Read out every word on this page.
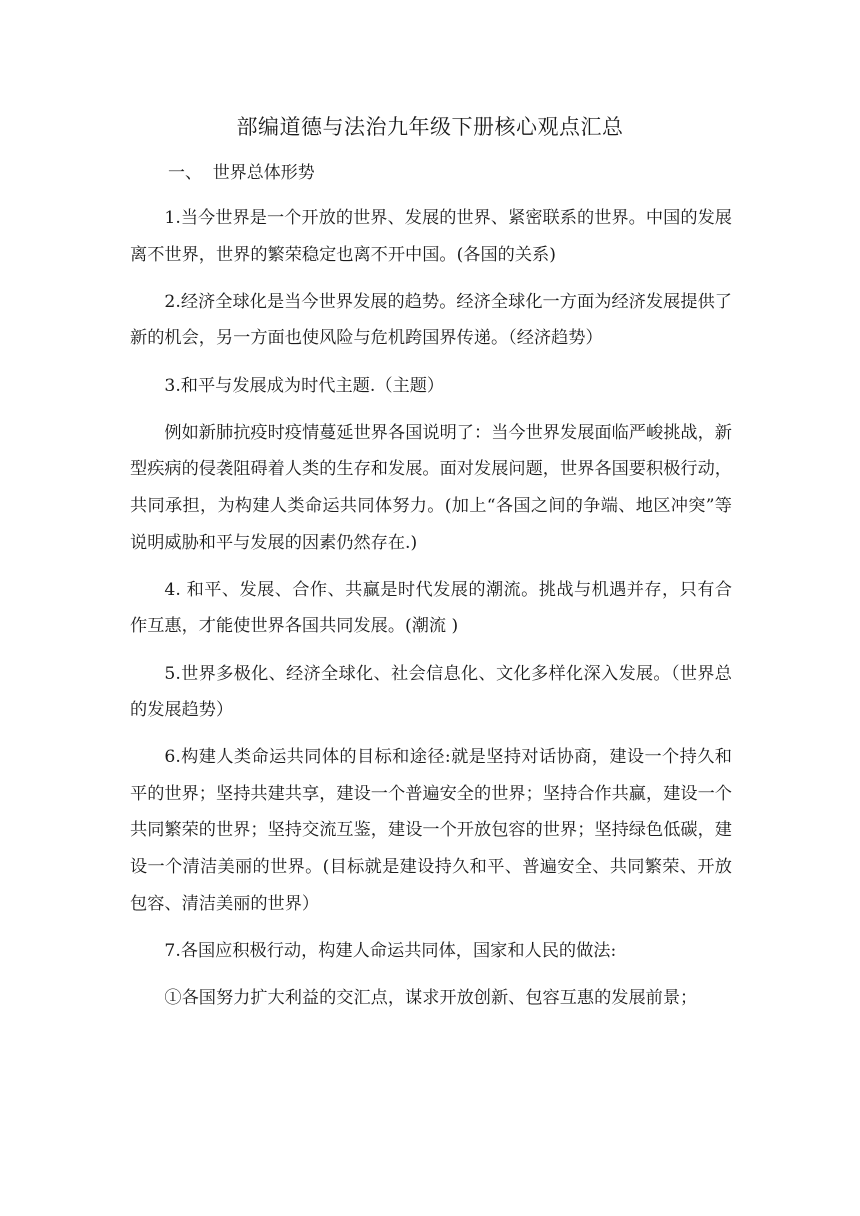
部编道德与法治九年级下册核心观点汇总
一、  世界总体形势

1.当今世界是一个开放的世界、发展的世界、紧密联系的世界。中国的发展离不世界，世界的繁荣稳定也离不开中国。(各国的关系)

2.经济全球化是当今世界发展的趋势。经济全球化一方面为经济发展提供了新的机会，另一方面也使风险与危机跨国界传递。（经济趋势）

3.和平与发展成为时代主题.（主题）

例如新肺抗疫时疫情蔓延世界各国说明了：当今世界发展面临严峻挑战，新型疾病的侵袭阻碍着人类的生存和发展。面对发展问题，世界各国要积极行动，共同承担，为构建人类命运共同体努力。(加上“各国之间的争端、地区冲突”等说明威胁和平与发展的因素仍然存在.)

4. 和平、发展、合作、共赢是时代发展的潮流。挑战与机遇并存，只有合作互惠，才能使世界各国共同发展。(潮流 )

5.世界多极化、经济全球化、社会信息化、文化多样化深入发展。（世界总的发展趋势）

6.构建人类命运共同体的目标和途径:就是坚持对话协商，建设一个持久和平的世界；坚持共建共享，建设一个普遍安全的世界；坚持合作共赢，建设一个共同繁荣的世界；坚持交流互鉴，建设一个开放包容的世界；坚持绿色低碳，建设一个清洁美丽的世界。(目标就是建设持久和平、普遍安全、共同繁荣、开放包容、清洁美丽的世界）

7.各国应积极行动，构建人命运共同体，国家和人民的做法:

①各国努力扩大利益的交汇点，谋求开放创新、包容互惠的发展前景；
